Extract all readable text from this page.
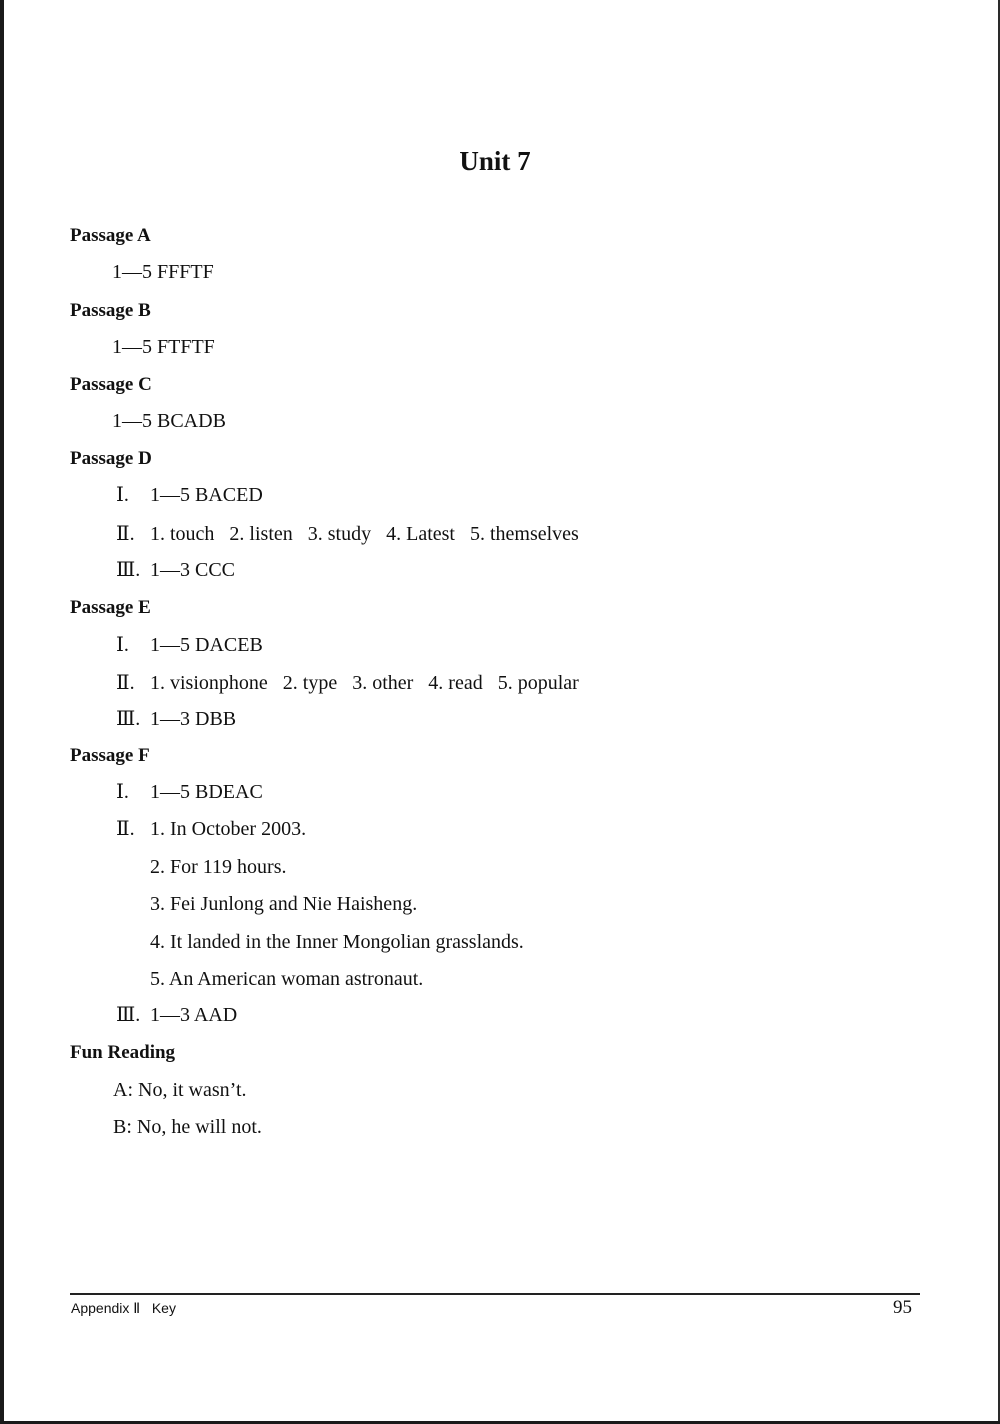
Unit 7
Passage A
1—5 FFFTF
Passage B
1—5 FTFTF
Passage C
1—5 BCADB
Passage D
Ⅰ. 1—5 BACED
Ⅱ. 1. touch   2. listen   3. study   4. Latest   5. themselves
Ⅲ. 1—3 CCC
Passage E
Ⅰ. 1—5 DACEB
Ⅱ. 1. visionphone   2. type   3. other   4. read   5. popular
Ⅲ. 1—3 DBB
Passage F
Ⅰ. 1—5 BDEAC
Ⅱ. 1. In October 2003.
2. For 119 hours.
3. Fei Junlong and Nie Haisheng.
4. It landed in the Inner Mongolian grasslands.
5. An American woman astronaut.
Ⅲ. 1—3 AAD
Fun Reading
A: No, it wasn’t.
B: No, he will not.
Appendix Ⅱ   Key	95
